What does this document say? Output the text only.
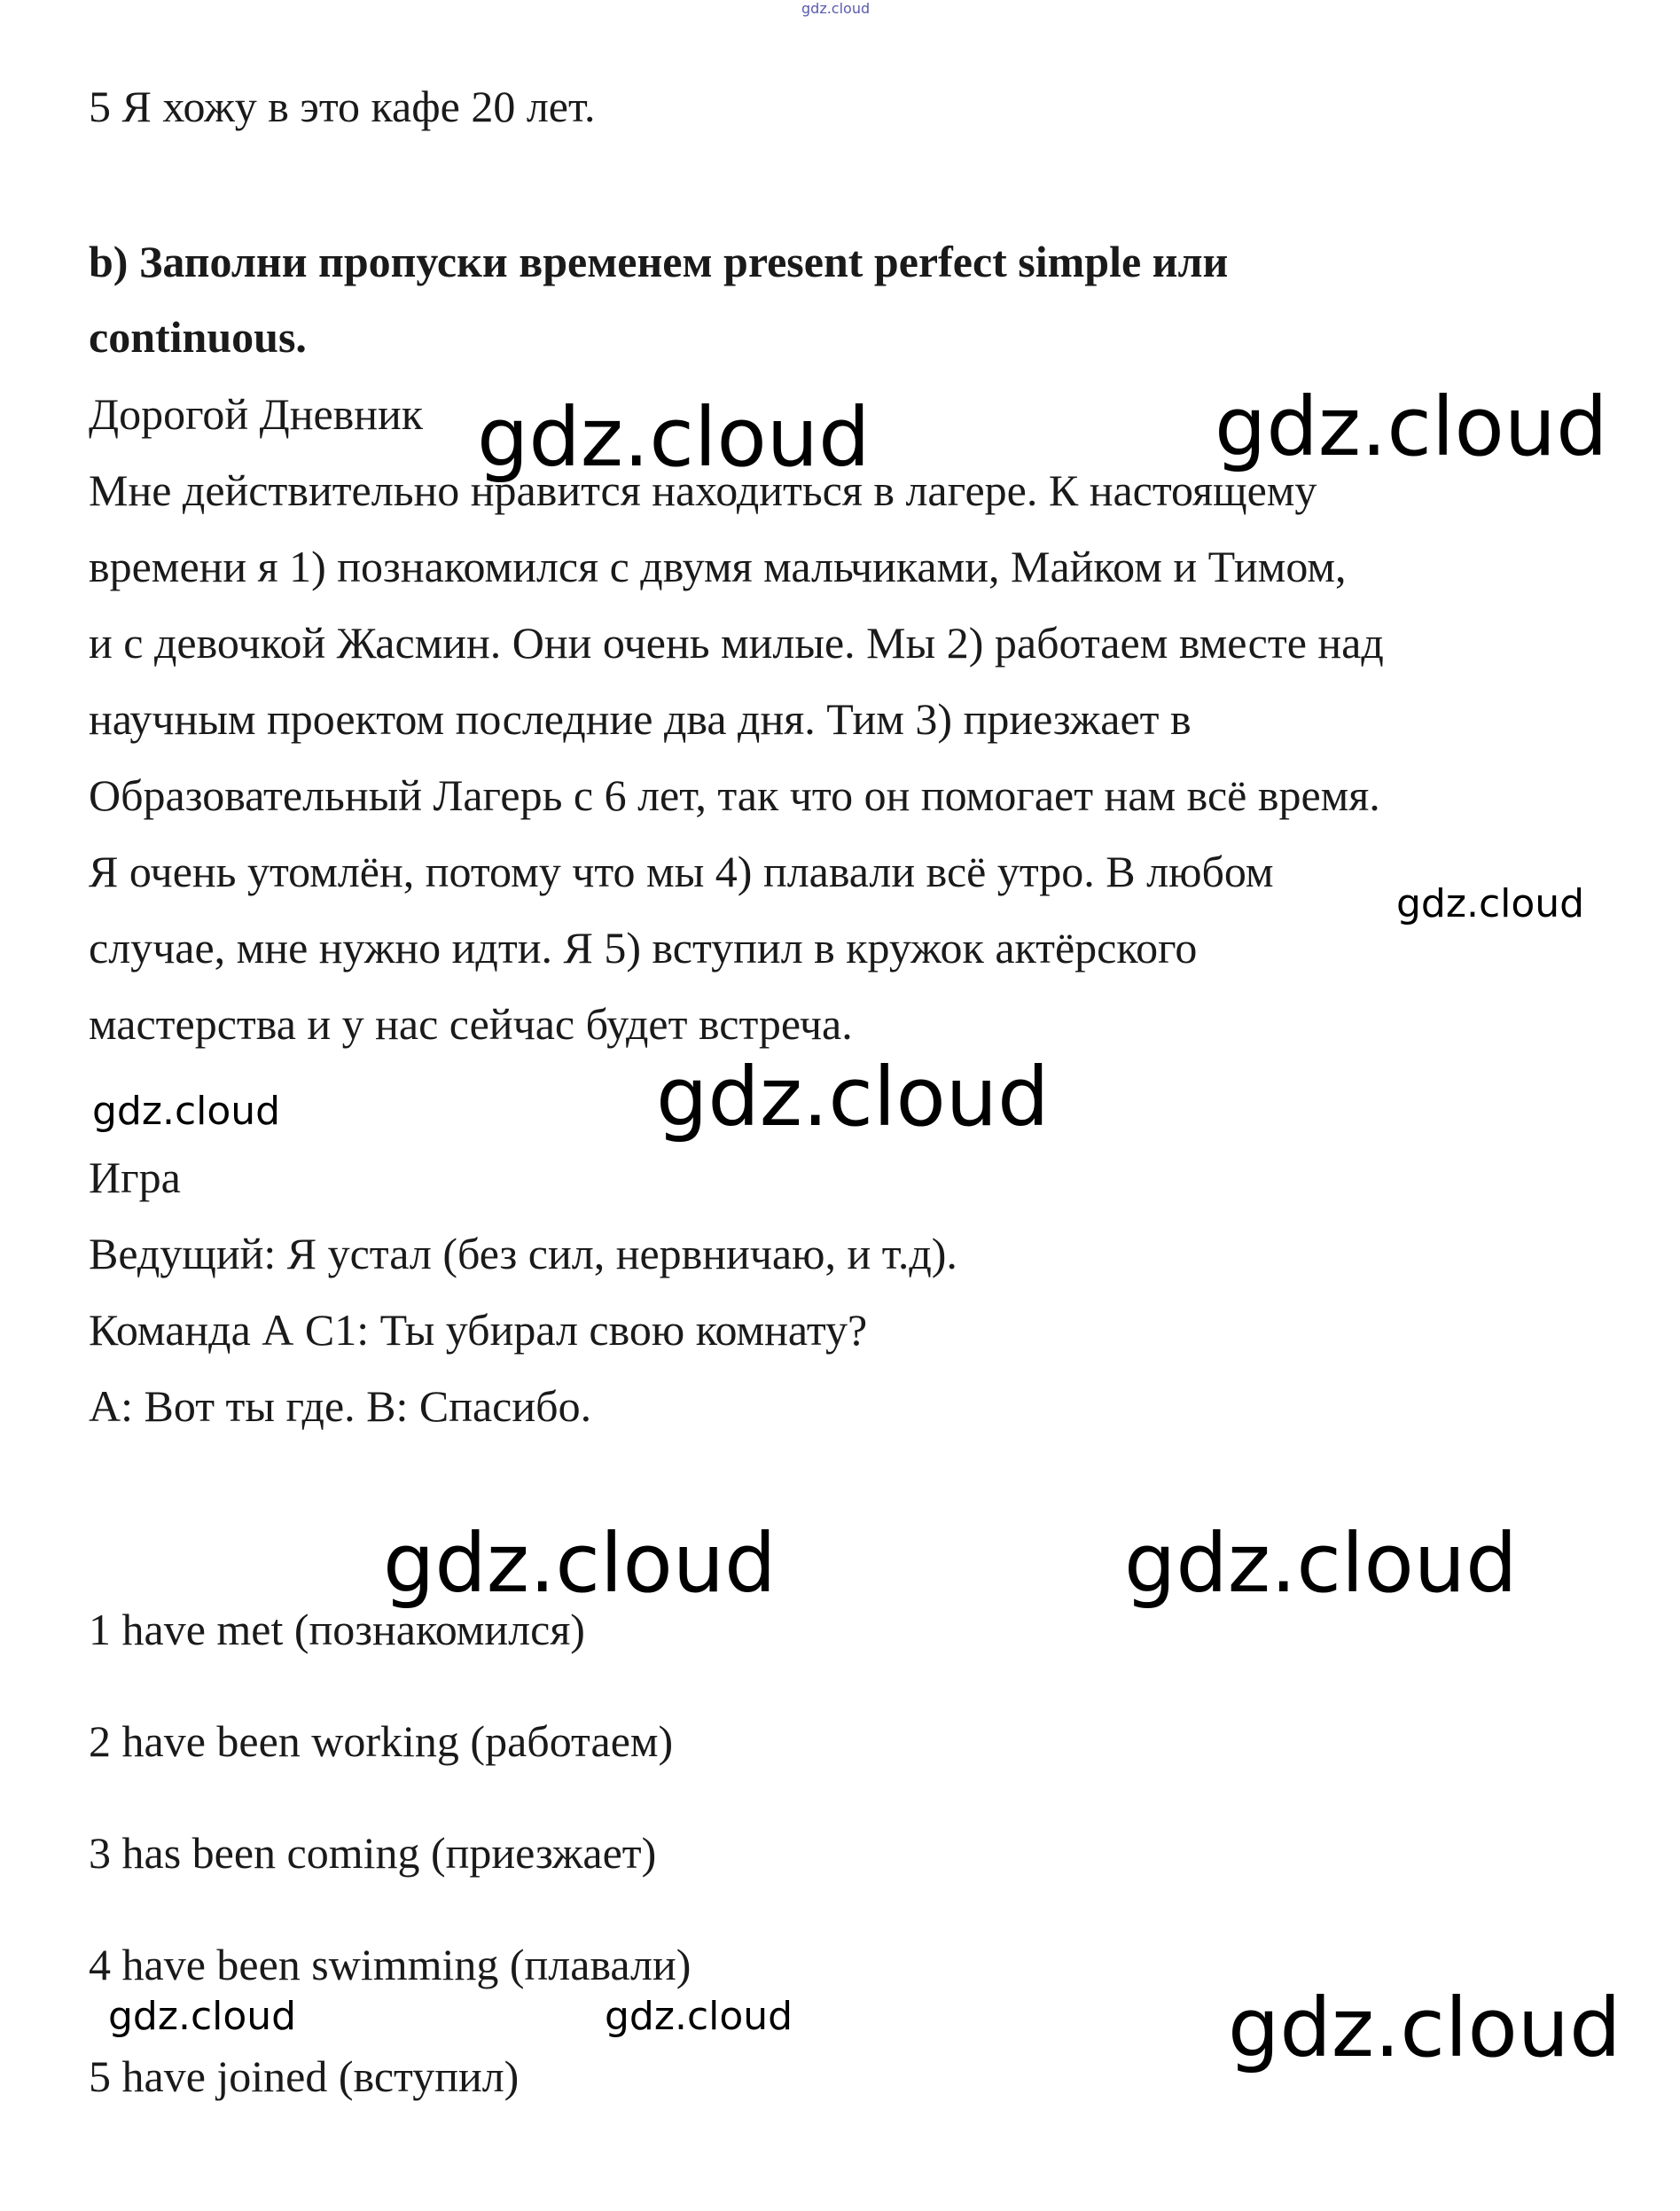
gdz.cloud
5 Я хожу в это кафе 20 лет.
b) Заполни пропуски временем present perfect simple или
continuous.
Дорогой Дневник
Мне действительно нравится находиться в лагере. К настоящему
времени я 1) познакомился с двумя мальчиками, Майком и Тимом,
и с девочкой Жасмин. Они очень милые. Мы 2) работаем вместе над
научным проектом последние два дня. Тим 3) приезжает в
Образовательный Лагерь с 6 лет, так что он помогает нам всё время.
Я очень утомлён, потому что мы 4) плавали всё утро. В любом
случае, мне нужно идти. Я 5) вступил в кружок актёрского
мастерства и у нас сейчас будет встреча.
Игра
Ведущий: Я устал (без сил, нервничаю, и т.д).
Команда А С1: Ты убирал свою комнату?
А: Вот ты где. В: Спасибо.
1 have met (познакомился)
2 have been working (работаем)
3 has been coming (приезжает)
4 have been swimming (плавали)
5 have joined (вступил)
gdz.cloud	gdz.cloud
gdz.cloud
gdz.cloud
gdz.cloud
gdz.cloud	gdz.cloud
gdz.cloud	gdz.cloud	gdz.cloud
